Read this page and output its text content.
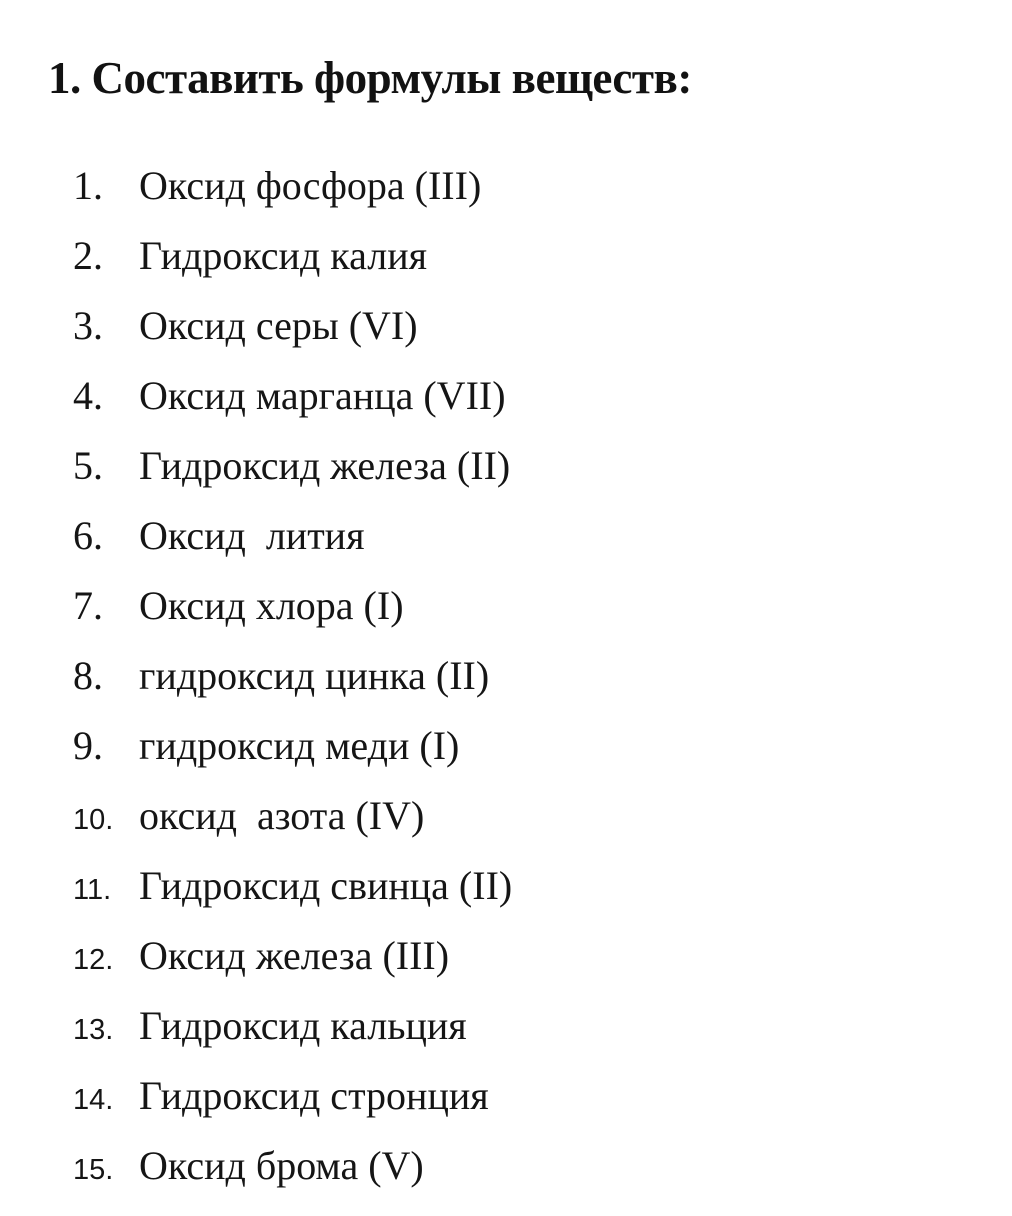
1. Составить формулы веществ:
1. Оксид фосфора (III)
2. Гидроксид калия
3. Оксид серы (VI)
4. Оксид марганца (VII)
5. Гидроксид железа (II)
6. Оксид  лития
7. Оксид хлора (I)
8. гидроксид цинка (II)
9. гидроксид меди (I)
10. оксид  азота (IV)
11. Гидроксид свинца (II)
12. Оксид железа (III)
13. Гидроксид кальция
14. Гидроксид стронция
15. Оксид брома (V)
